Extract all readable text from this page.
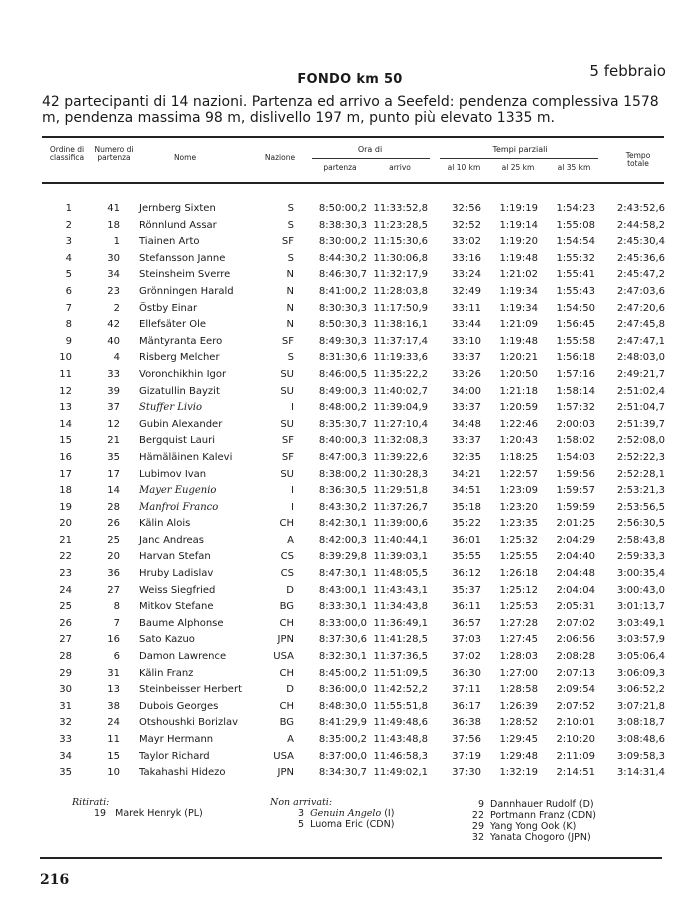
5 febbraio
FONDO km 50
42 partecipanti di 14 nazioni. Partenza ed arrivo a Seefeld: pendenza complessiva 1578 m, pendenza massima 98 m, dislivello 197 m, punto più elevato 1335 m.
Ordine di classifica
Numero di partenza	Nome	Nazione
Ora di
partenza	arrivo
Tempi parziali
al 10 km	al 25 km	al 35 km
Tempo totale
1	41 Jernberg Sixten	S	8:50:00,2 11:33:52,8	32:56 1:19:19 1:54:23	2:43:52,6
2	18 Rönnlund Assar	S	8:38:30,3 11:23:28,5	32:52 1:19:14 1:55:08	2:44:58,2
3	1 Tiainen Arto	SF	8:30:00,2 11:15:30,6	33:02 1:19:20 1:54:54	2:45:30,4
4	30 Stefansson Janne	S	8:44:30,2 11:30:06,8	33:16 1:19:48 1:55:32	2:45:36,6
5	34 Steinsheim Sverre	N	8:46:30,7 11:32:17,9	33:24 1:21:02 1:55:41	2:45:47,2
6	23 Grönningen Harald	N	8:41:00,2 11:28:03,8	32:49 1:19:34 1:55:43	2:47:03,6
7	2 Östby Einar	N	8:30:30,3 11:17:50,9	33:11 1:19:34 1:54:50	2:47:20,6
8	42 Ellefsäter Ole	N	8:50:30,3 11:38:16,1	33:44 1:21:09 1:56:45	2:47:45,8
9	40 Mäntyranta Eero	SF	8:49:30,3 11:37:17,4	33:10 1:19:48 1:55:58	2:47:47,1
10	4 Risberg Melcher	S	8:31:30,6 11:19:33,6	33:37 1:20:21 1:56:18	2:48:03,0
11	33 Voronchikhin Igor	SU	8:46:00,5 11:35:22,2	33:26 1:20:50 1:57:16	2:49:21,7
12	39 Gizatullin Bayzit	SU	8:49:00,3 11:40:02,7	34:00 1:21:18 1:58:14	2:51:02,4
13	37 Stuffer Livio	I	8:48:00,2 11:39:04,9	33:37 1:20:59 1:57:32	2:51:04,7
14	12 Gubin Alexander	SU	8:35:30,7 11:27:10,4	34:48 1:22:46 2:00:03	2:51:39,7
15	21 Bergquist Lauri	SF	8:40:00,3 11:32:08,3	33:37 1:20:43 1:58:02	2:52:08,0
16	35 Hämäläinen Kalevi	SF	8:47:00,3 11:39:22,6	32:35 1:18:25 1:54:03	2:52:22,3
17	17 Lubimov Ivan	SU	8:38:00,2 11:30:28,3	34:21 1:22:57 1:59:56	2:52:28,1
18	14 Mayer Eugenio	I	8:36:30,5 11:29:51,8	34:51 1:23:09 1:59:57	2:53:21,3
19	28 Manfroi Franco	I	8:43:30,2 11:37:26,7	35:18 1:23:20 1:59:59	2:53:56,5
20	26 Kälin Alois	CH	8:42:30,1 11:39:00,6	35:22 1:23:35 2:01:25	2:56:30,5
21	25 Janc Andreas	A	8:42:00,3 11:40:44,1	36:01 1:25:32 2:04:29	2:58:43,8
22	20 Harvan Stefan	CS	8:39:29,8 11:39:03,1	35:55 1:25:55 2:04:40	2:59:33,3
23	36 Hruby Ladislav	CS	8:47:30,1 11:48:05,5	36:12 1:26:18 2:04:48	3:00:35,4
24	27 Weiss Siegfried	D	8:43:00,1 11:43:43,1	35:37 1:25:12 2:04:04	3:00:43,0
25	8 Mitkov Stefane	BG	8:33:30,1 11:34:43,8	36:11 1:25:53 2:05:31	3:01:13,7
26	7 Baume Alphonse	CH	8:33:00,0 11:36:49,1	36:57 1:27:28 2:07:02	3:03:49,1
27	16 Sato Kazuo	JPN	8:37:30,6 11:41:28,5	37:03 1:27:45 2:06:56	3:03:57,9
28	6 Damon Lawrence	USA	8:32:30,1 11:37:36,5	37:02 1:28:03 2:08:28	3:05:06,4
29	31 Kälin Franz	CH	8:45:00,2 11:51:09,5	36:30 1:27:00 2:07:13	3:06:09,3
30	13 Steinbeisser Herbert	D	8:36:00,0 11:42:52,2	37:11 1:28:58 2:09:54	3:06:52,2
31	38 Dubois Georges	CH	8:48:30,0 11:55:51,8	36:17 1:26:39 2:07:52	3:07:21,8
32	24 Otshoushki Borizlav	BG	8:41:29,9 11:49:48,6	36:38 1:28:52 2:10:01	3:08:18,7
33	11 Mayr Hermann	A	8:35:00,2 11:43:48,8	37:56 1:29:45 2:10:20	3:08:48,6
34	15 Taylor Richard	USA	8:37:00,0 11:46:58,3	37:19 1:29:48 2:11:09	3:09:58,3
35	10 Takahashi Hidezo	JPN	8:34:30,7 11:49:02,1	37:30 1:32:19 2:14:51	3:14:31,4
Ritirati:
19 Marek Henryk (PL)
Non arrivati:
3 Genuin Angelo (I)
5 Luoma Eric (CDN)
9 Dannhauer Rudolf (D)
22 Portmann Franz (CDN)
29 Yang Yong Ook (K)
32 Yanata Chogoro (JPN)
216
